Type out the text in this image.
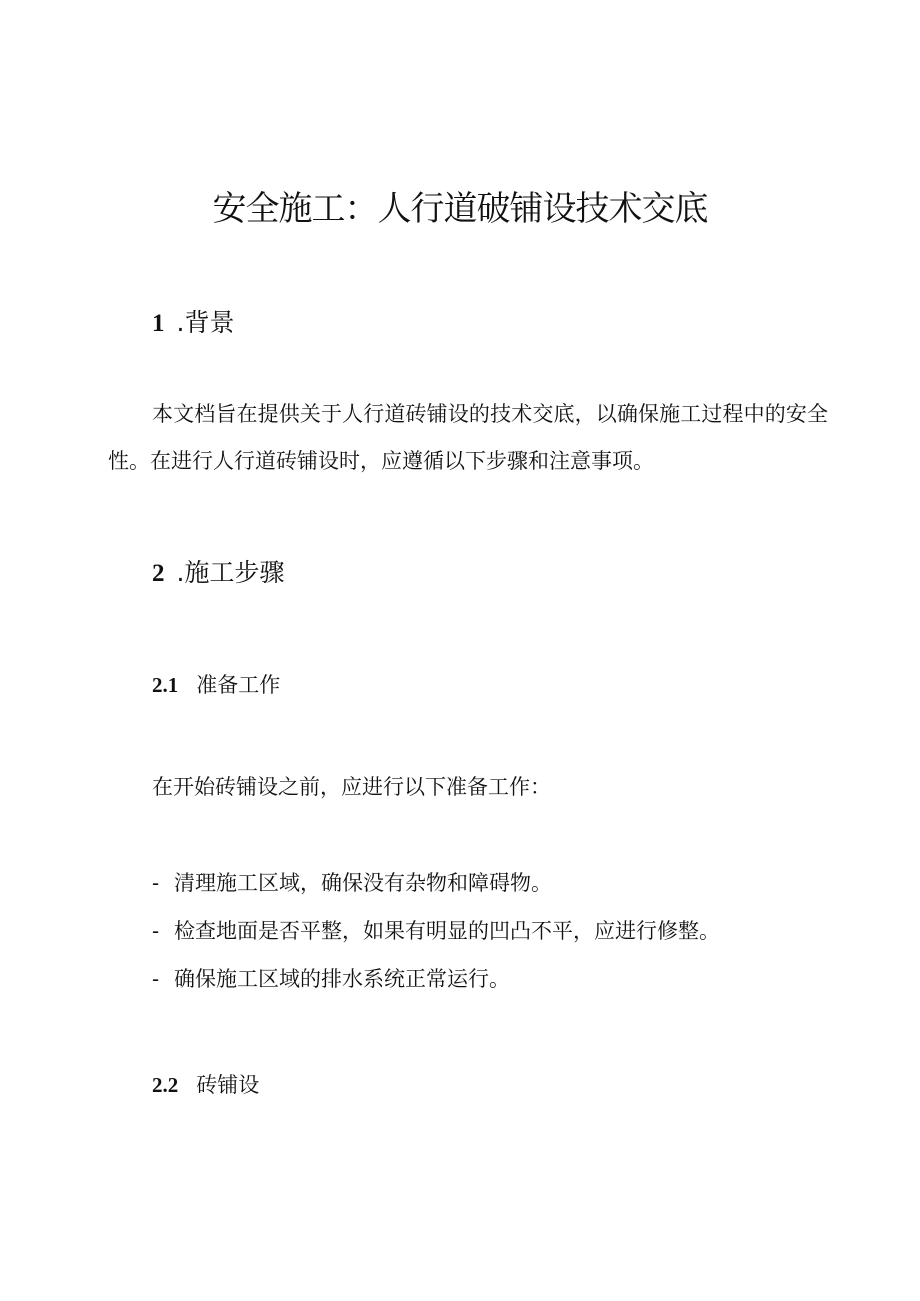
安全施工：人行道破铺设技术交底
1 .背景
本文档旨在提供关于人行道砖铺设的技术交底，以确保施工过程中的安全性。在进行人行道砖铺设时，应遵循以下步骤和注意事项。
2 .施工步骤
2.1 准备工作
在开始砖铺设之前，应进行以下准备工作：
- 清理施工区域，确保没有杂物和障碍物。
- 检查地面是否平整，如果有明显的凹凸不平，应进行修整。
- 确保施工区域的排水系统正常运行。
2.2 砖铺设
